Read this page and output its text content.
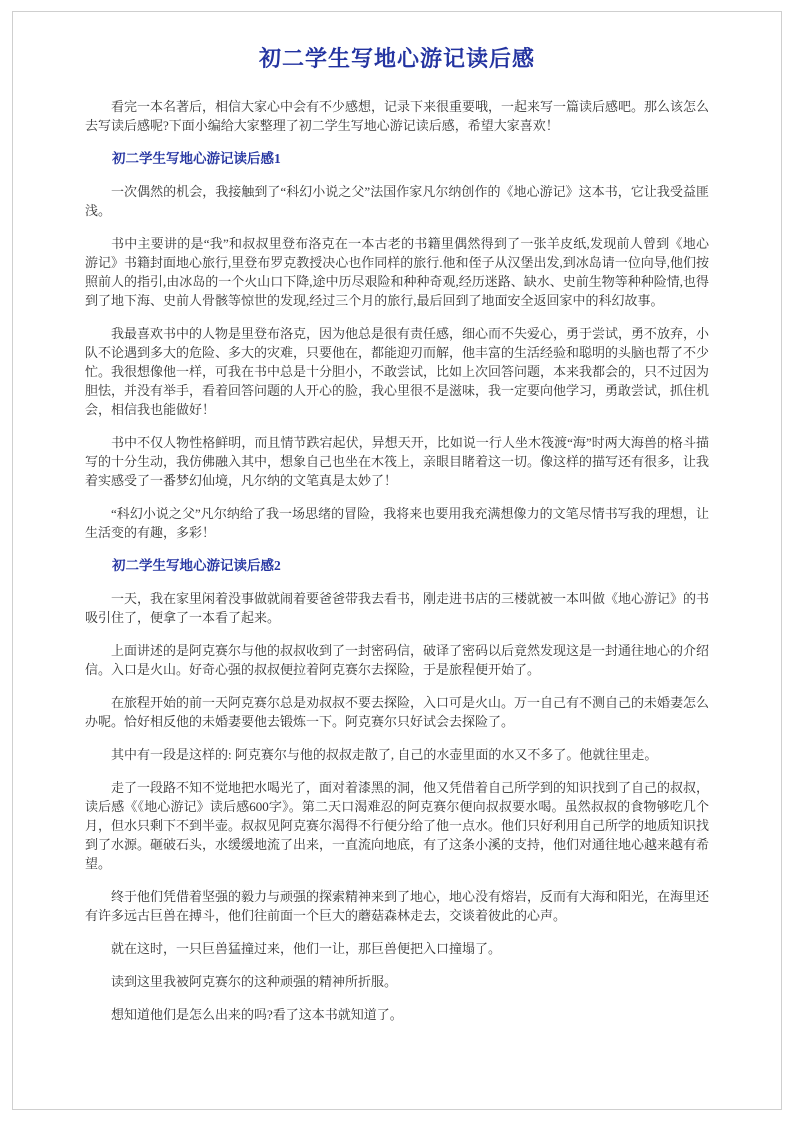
初二学生写地心游记读后感

看完一本名著后，相信大家心中会有不少感想，记录下来很重要哦，一起来写一篇读后感吧。那么该怎么去写读后感呢?下面小编给大家整理了初二学生写地心游记读后感，希望大家喜欢！

初二学生写地心游记读后感1

一次偶然的机会，我接触到了“科幻小说之父”法国作家凡尔纳创作的《地心游记》这本书，它让我受益匪浅。

书中主要讲的是“我”和叔叔里登布洛克在一本古老的书籍里偶然得到了一张羊皮纸,发现前人曾到《地心游记》书籍封面地心旅行,里登布罗克教授决心也作同样的旅行.他和侄子从汉堡出发,到冰岛请一位向导,他们按照前人的指引,由冰岛的一个火山口下降,途中历尽艰险和种种奇观,经历迷路、缺水、史前生物等种种险情,也得到了地下海、史前人骨骸等惊世的发现,经过三个月的旅行,最后回到了地面安全返回家中的科幻故事。

我最喜欢书中的人物是里登布洛克，因为他总是很有责任感，细心而不失爱心，勇于尝试，勇不放弃，小队不论遇到多大的危险、多大的灾难，只要他在，都能迎刃而解，他丰富的生活经验和聪明的头脑也帮了不少忙。我很想像他一样，可我在书中总是十分胆小，不敢尝试，比如上次回答问题，本来我都会的，只不过因为胆怯，并没有举手，看着回答问题的人开心的脸，我心里很不是滋味，我一定要向他学习，勇敢尝试，抓住机会，相信我也能做好！

书中不仅人物性格鲜明，而且情节跌宕起伏，异想天开，比如说一行人坐木筏渡“海”时两大海兽的格斗描写的十分生动，我仿佛融入其中，想象自己也坐在木筏上，亲眼目睹着这一切。像这样的描写还有很多，让我着实感受了一番梦幻仙境，凡尔纳的文笔真是太妙了！

“科幻小说之父”凡尔纳给了我一场思绪的冒险，我将来也要用我充满想像力的文笔尽情书写我的理想，让生活变的有趣，多彩！

初二学生写地心游记读后感2

一天，我在家里闲着没事做就闹着要爸爸带我去看书，刚走进书店的三楼就被一本叫做《地心游记》的书吸引住了，便拿了一本看了起来。

上面讲述的是阿克赛尔与他的叔叔收到了一封密码信，破译了密码以后竟然发现这是一封通往地心的介绍信。入口是火山。好奇心强的叔叔便拉着阿克赛尔去探险，于是旅程便开始了。

在旅程开始的前一天阿克赛尔总是劝叔叔不要去探险，入口可是火山。万一自己有不测自己的未婚妻怎么办呢。恰好相反他的未婚妻要他去锻炼一下。阿克赛尔只好试会去探险了。

其中有一段是这样的: 阿克赛尔与他的叔叔走散了, 自己的水壶里面的水又不多了。他就往里走。

走了一段路不知不觉地把水喝光了，面对着漆黑的洞，他又凭借着自己所学到的知识找到了自己的叔叔，读后感《《地心游记》读后感600字》。第二天口渴难忍的阿克赛尔便向叔叔要水喝。虽然叔叔的食物够吃几个月，但水只剩下不到半壶。叔叔见阿克赛尔渴得不行便分给了他一点水。他们只好利用自己所学的地质知识找到了水源。砸破石头，水缓缓地流了出来，一直流向地底，有了这条小溪的支持，他们对通往地心越来越有希望。

终于他们凭借着坚强的毅力与顽强的探索精神来到了地心，地心没有熔岩，反而有大海和阳光，在海里还有许多远古巨兽在搏斗，他们往前面一个巨大的蘑菇森林走去，交谈着彼此的心声。

就在这时，一只巨兽猛撞过来，他们一让，那巨兽便把入口撞塌了。

读到这里我被阿克赛尔的这种顽强的精神所折服。

想知道他们是怎么出来的吗?看了这本书就知道了。
